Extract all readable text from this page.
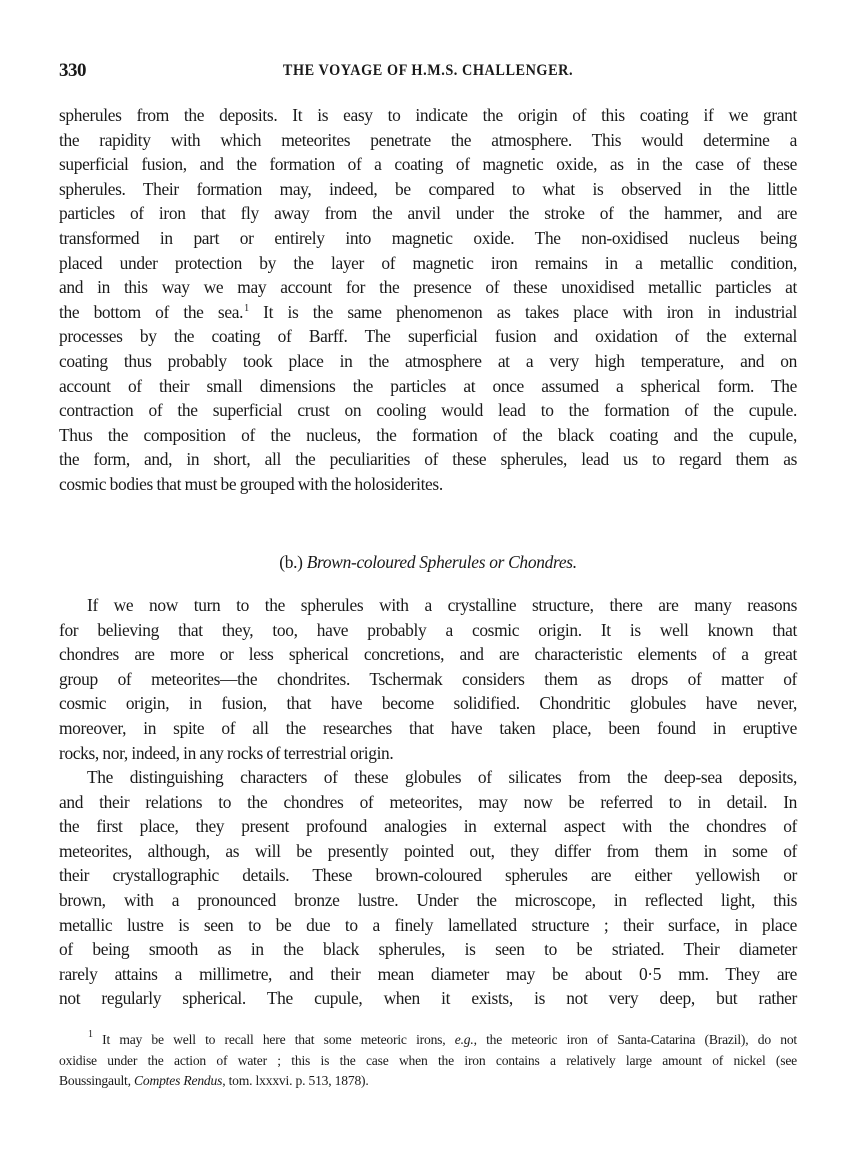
330	THE VOYAGE OF H.M.S. CHALLENGER.
spherules from the deposits. It is easy to indicate the origin of this coating if we grant
the rapidity with which meteorites penetrate the atmosphere. This would determine a
superficial fusion, and the formation of a coating of magnetic oxide, as in the case of these
spherules. Their formation may, indeed, be compared to what is observed in the little
particles of iron that fly away from the anvil under the stroke of the hammer, and are
transformed in part or entirely into magnetic oxide. The non-oxidised nucleus being
placed under protection by the layer of magnetic iron remains in a metallic condition,
and in this way we may account for the presence of these unoxidised metallic particles at
the bottom of the sea.$^1$ It is the same phenomenon as takes place with iron in industrial
processes by the coating of Barff. The superficial fusion and oxidation of the external
coating thus probably took place in the atmosphere at a very high temperature, and on
account of their small dimensions the particles at once assumed a spherical form. The
contraction of the superficial crust on cooling would lead to the formation of the cupule.
Thus the composition of the nucleus, the formation of the black coating and the cupule,
the form, and, in short, all the peculiarities of these spherules, lead us to regard them as
cosmic bodies that must be grouped with the holosiderites.
(b.) Brown-coloured Spherules or Chondres.
If we now turn to the spherules with a crystalline structure, there are many reasons
for believing that they, too, have probably a cosmic origin. It is well known that
chondres are more or less spherical concretions, and are characteristic elements of a great
group of meteorites—the chondrites. Tschermak considers them as drops of matter of
cosmic origin, in fusion, that have become solidified. Chondritic globules have never,
moreover, in spite of all the researches that have taken place, been found in eruptive
rocks, nor, indeed, in any rocks of terrestrial origin.
The distinguishing characters of these globules of silicates from the deep-sea deposits,
and their relations to the chondres of meteorites, may now be referred to in detail. In
the first place, they present profound analogies in external aspect with the chondres of
meteorites, although, as will be presently pointed out, they differ from them in some of
their crystallographic details. These brown-coloured spherules are either yellowish or
brown, with a pronounced bronze lustre. Under the microscope, in reflected light, this
metallic lustre is seen to be due to a finely lamellated structure ; their surface, in place
of being smooth as in the black spherules, is seen to be striated. Their diameter
rarely attains a millimetre, and their mean diameter may be about 0·5 mm. They are
not regularly spherical. The cupule, when it exists, is not very deep, but rather
$^1$ It may be well to recall here that some meteoric irons, e.g., the meteoric iron of Santa-Catarina (Brazil), do not
oxidise under the action of water ; this is the case when the iron contains a relatively large amount of nickel (see
Boussingault, Comptes Rendus, tom. lxxxvi. p. 513, 1878).
